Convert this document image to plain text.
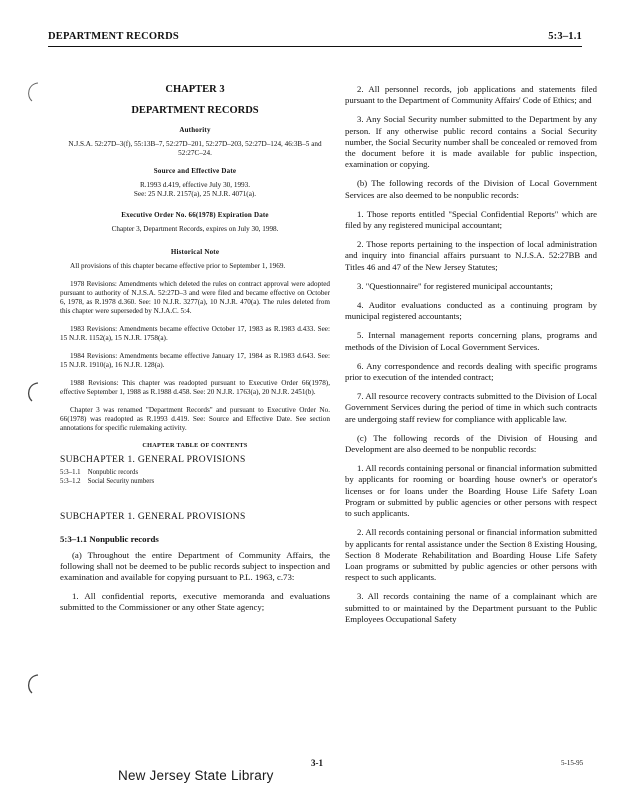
DEPARTMENT RECORDS	5:3–1.1
CHAPTER 3
DEPARTMENT RECORDS
Authority
N.J.S.A. 52:27D–3(f), 55:13B–7, 52:27D–201, 52:27D–203, 52:27D–124, 46:3B–5 and 52:27C–24.
Source and Effective Date
R.1993 d.419, effective July 30, 1993.
See: 25 N.J.R. 2157(a), 25 N.J.R. 4071(a).
Executive Order No. 66(1978) Expiration Date
Chapter 3, Department Records, expires on July 30, 1998.
Historical Note

All provisions of this chapter became effective prior to September 1, 1969.

1978 Revisions: Amendments which deleted the rules on contract approval were adopted pursuant to authority of N.J.S.A. 52:27D–3 and were filed and became effective on October 6, 1978, as R.1978 d.360. See: 10 N.J.R. 3277(a), 10 N.J.R. 470(a). The rules deleted from this chapter were superseded by N.J.A.C. 5:4.

1983 Revisions: Amendments became effective October 17, 1983 as R.1983 d.433. See: 15 N.J.R. 1152(a), 15 N.J.R. 1758(a).

1984 Revisions: Amendments became effective January 17, 1984 as R.1983 d.643. See: 15 N.J.R. 1910(a), 16 N.J.R. 128(a).

1988 Revisions: This chapter was readopted pursuant to Executive Order 66(1978), effective September 1, 1988 as R.1988 d.458. See: 20 N.J.R. 1763(a), 20 N.J.R. 2451(b).

Chapter 3 was renamed "Department Records" and pursuant to Executive Order No. 66(1978) was readopted as R.1993 d.419. See: Source and Effective Date. See section annotations for specific rulemaking activity.

CHAPTER TABLE OF CONTENTS
SUBCHAPTER 1. GENERAL PROVISIONS
5:3–1.1 Nonpublic records
5:3–1.2 Social Security numbers
SUBCHAPTER 1. GENERAL PROVISIONS
5:3–1.1 Nonpublic records

(a) Throughout the entire Department of Community Affairs, the following shall not be deemed to be public records subject to inspection and examination and available for copying pursuant to P.L. 1963, c.73:

1. All confidential reports, executive memoranda and evaluations submitted to the Commissioner or any other State agency;

2. All personnel records, job applications and statements filed pursuant to the Department of Community Affairs' Code of Ethics; and

3. Any Social Security number submitted to the Department by any person. If any otherwise public record contains a Social Security number, the Social Security number shall be concealed or removed from the document before it is made available for public inspection, examination or copying.

(b) The following records of the Division of Local Government Services are also deemed to be nonpublic records:

1. Those reports entitled "Special Confidential Reports" which are filed by any registered municipal accountant;

2. Those reports pertaining to the inspection of local administration and inquiry into financial affairs pursuant to N.J.S.A. 52:27BB and Titles 46 and 47 of the New Jersey Statutes;

3. "Questionnaire" for registered municipal accountants;

4. Auditor evaluations conducted as a continuing program by municipal registered accountants;

5. Internal management reports concerning plans, programs and methods of the Division of Local Government Services.

6. Any correspondence and records dealing with specific programs prior to execution of the intended contract;

7. All resource recovery contracts submitted to the Division of Local Government Services during the period of time in which such contracts are undergoing staff review for compliance with applicable law.

(c) The following records of the Division of Housing and Development are also deemed to be nonpublic records:

1. All records containing personal or financial information submitted by applicants for rooming or boarding house owner's or operator's licenses or for loans under the Boarding House Life Safety Loan Program or submitted by public agencies or other persons with respect to such applicants.

2. All records containing personal or financial information submitted by applicants for rental assistance under the Section 8 Existing Housing, Section 8 Moderate Rehabilitation and Boarding House Life Safety Loan programs or submitted by public agencies or other persons with respect to such applicants.

3. All records containing the name of a complainant which are submitted to or maintained by the Department pursuant to the Public Employees Occupational Safety

3-1	5-15-95
New Jersey State Library
